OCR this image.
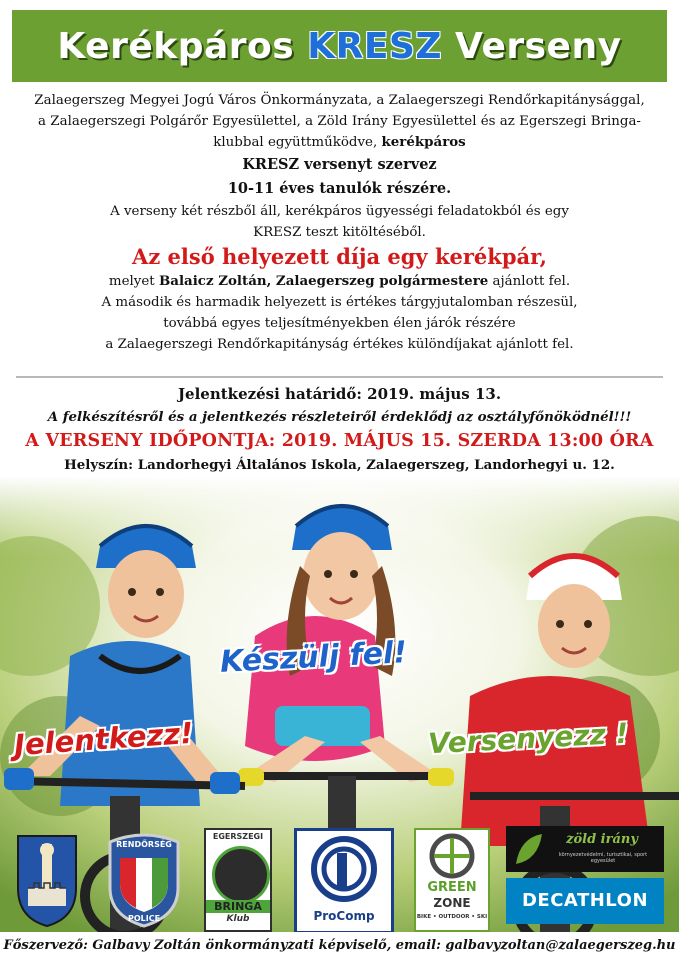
Kerékpáros KRESZ Verseny

Zalaegerszeg Megyei Jogú Város Önkormányzata, a Zalaegerszegi Rendőrkapitánysággal,

a Zalaegerszegi Polgárőr Egyesülettel, a Zöld Irány Egyesülettel és az Egerszegi Bringa-

klubbal együttműködve, kerékpáros

KRESZ versenyt szervez

10-11 éves tanulók részére.

A verseny két részből áll, kerékpáros ügyességi feladatokból és egy

KRESZ teszt kitöltéséből.

Az első helyezett díja egy kerékpár,

melyet Balaicz Zoltán, Zalaegerszeg polgármestere ajánlott fel.

A második és harmadik helyezett is értékes tárgyjutalomban részesül,

továbbá egyes teljesítményekben élen járók részére

a Zalaegerszegi Rendőrkapitányság értékes különdíjakat ajánlott fel.

Jelentkezési határidő: 2019. május 13.

A felkészítésről és a jelentkezés részleteiről érdeklődj az osztályfőnöködnél!!!

A VERSENY IDŐPONTJA: 2019. MÁJUS 15. SZERDA 13:00 ÓRA

Helyszín: Landorhegyi Általános Iskola, Zalaegerszeg, Landorhegyi u. 12.

Készülj fel!
Jelentkezz!	Versenyezz !
RENDŐRSÉG
POLICE
EGERSZEGI
BRINGA
Klub	ProComp
GREEN
ZONE
BIKE • OUTDOOR • SKI
zöld irány
környezetvédelmi, turisztikai, sport egyesület
DECATHLON
Főszervező: Galbavy Zoltán önkormányzati képviselő, email: galbavyzoltan@zalaegerszeg.hu
